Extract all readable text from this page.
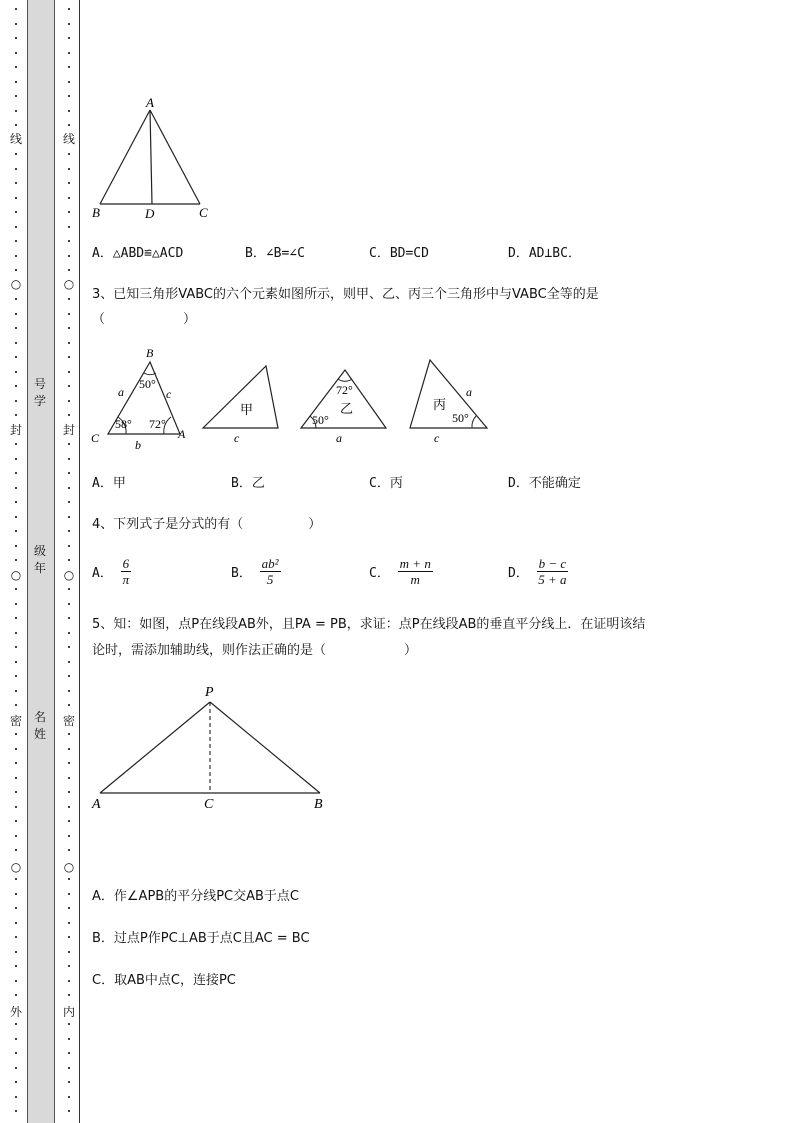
线
○
封
○
密
○
外
线
○
封
○
密
○
内
号学
级年
名姓
A
B	D	C
A．△ABD≌△ACD	B．∠B=∠C	C．BD=CD	D．AD⊥BC．
3、已知三角形VABC的六个元素如图所示，则甲、乙、丙三个三角形中与VABC全等的是
（　　　　　　）
B
C	A
a	c
b
50°
58° 72°
甲
c
72°
乙
50°
a
丙
a
50°
c
A．甲	B．乙	C．丙	D．不能确定
4、下列式子是分式的有（　　　　　）
A． $\frac{6}{\pi}$	B． $\frac{\text{ab²}}{5}$	C． $\frac{m + n}{m}$	D． $\frac{b - c}{5 + a}$
5、知：如图，点P在线段AB外，且PA = PB，求证：点P在线段AB的垂直平分线上．在证明该结
论时，需添加辅助线，则作法正确的是（　　　　　　）
P
A	C	B
A．作∠APB的平分线PC交AB于点C
B．过点P作PC⊥AB于点C且AC = BC
C．取AB中点C，连接PC
